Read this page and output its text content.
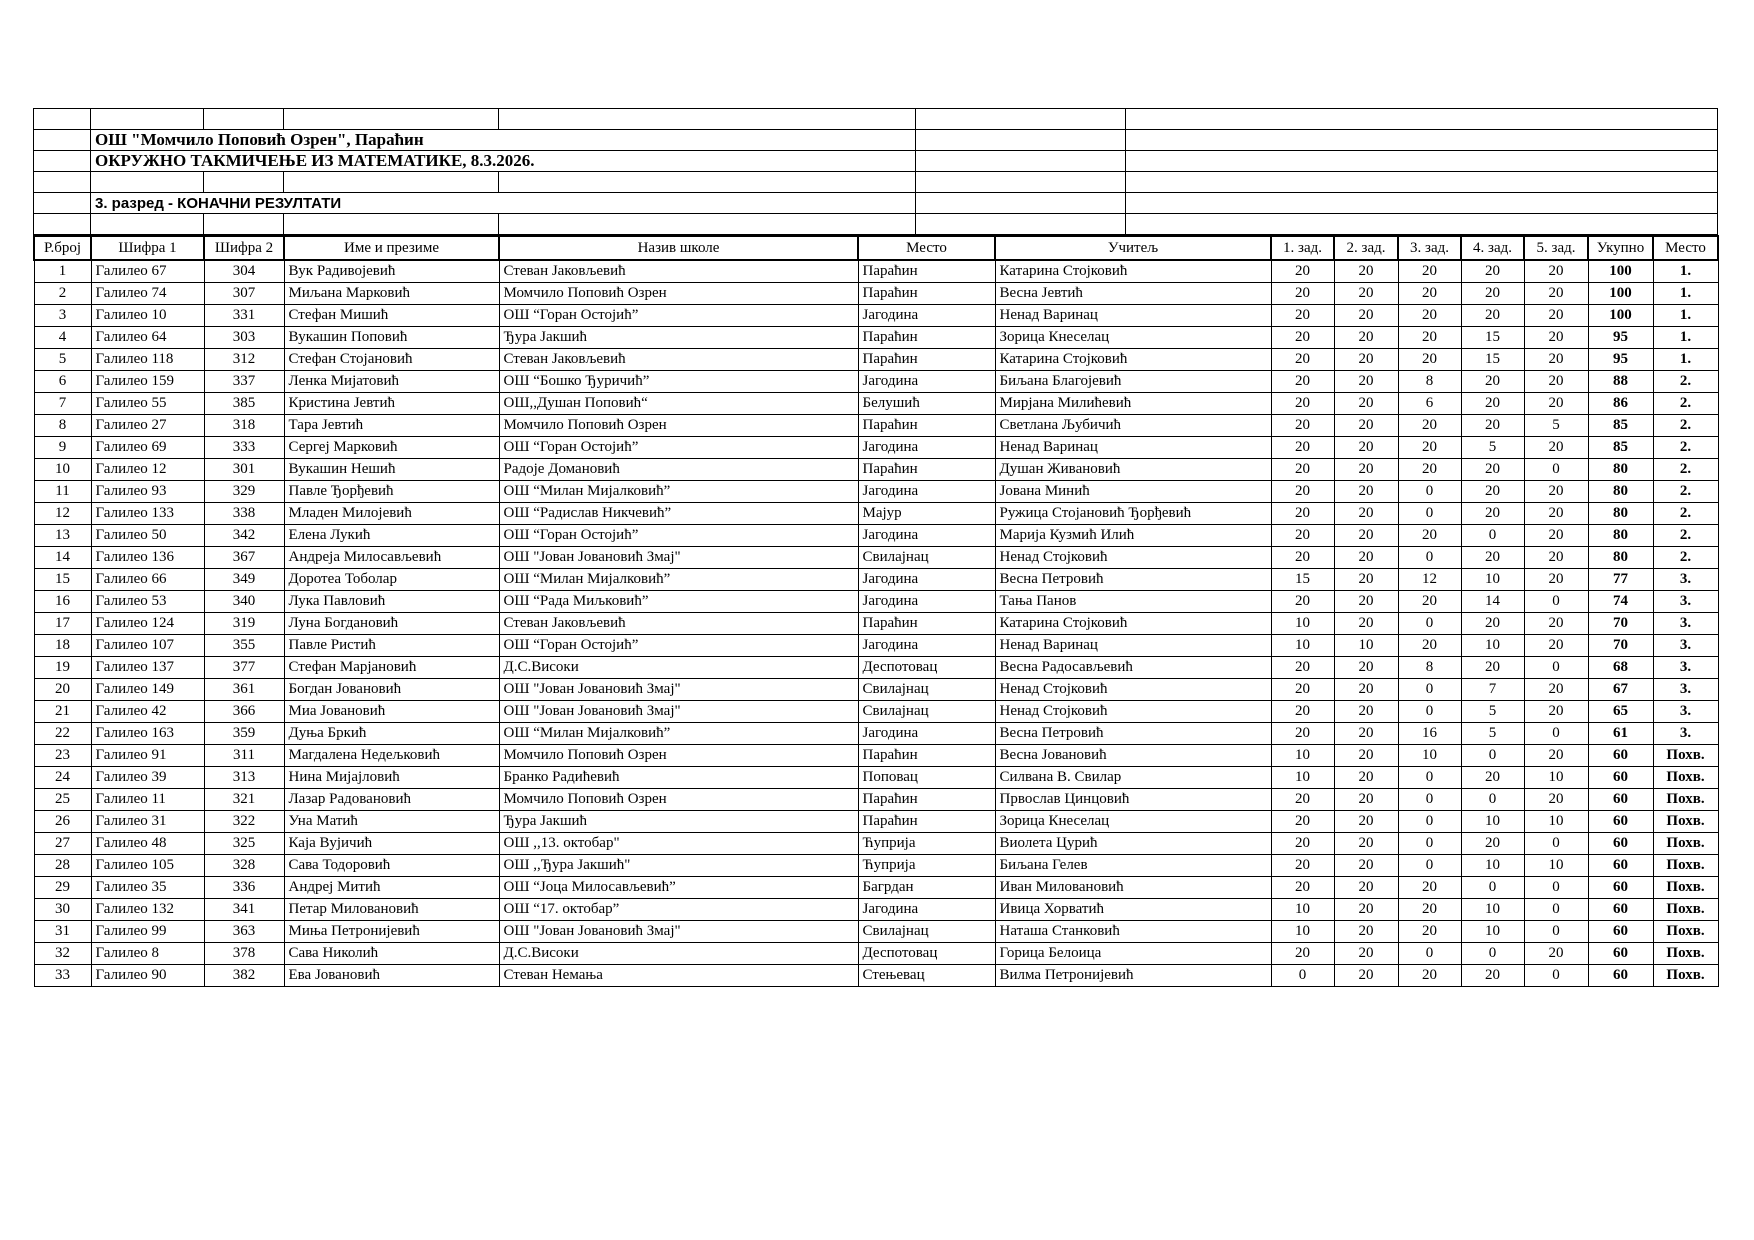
	ОШ "Момчило Поповић Озрен", Параћин					
	ОКРУЖНО ТАКМИЧЕЊЕ ИЗ МАТЕМАТИКЕ, 8.3.2026.					

	3. разред - КОНАЧНИ РЕЗУЛТАТИ					

Р.број	Шифра 1	Шифра 2	Име и презиме	Назив школе	Место	Учитељ	1. зад.	2. зад.	3. зад.	4. зад.	5. зад.	Укупно	Место
1	Галилео 67	304	Вук Радивојевић	Стеван Јаковљевић	Параћин	Катарина Стојковић	20	20	20	20	20	100	1.
2	Галилео 74	307	Миљана Марковић	Момчило Поповић Озрен	Параћин	Весна Јевтић	20	20	20	20	20	100	1.
3	Галилео 10	331	Стефан Мишић	ОШ “Горан Остојић”	Јагодина	Ненад Варинац	20	20	20	20	20	100	1.
4	Галилео 64	303	Вукашин Поповић	Ђура Јакшић	Параћин	Зорица Кнеселац	20	20	20	15	20	95	1.
5	Галилео 118	312	Стефан Стојановић	Стеван Јаковљевић	Параћин	Катарина Стојковић	20	20	20	15	20	95	1.
6	Галилео 159	337	Ленка Мијатовић	ОШ “Бошко Ђуричић”	Јагодина	Биљана Благојевић	20	20	8	20	20	88	2.
7	Галилео 55	385	Кристина Јевтић	ОШ,,Душан Поповић“	Белушић	Мирјана Милићевић	20	20	6	20	20	86	2.
8	Галилео 27	318	Тара Јевтић	Момчило Поповић Озрен	Параћин	Светлана Љубичић	20	20	20	20	5	85	2.
9	Галилео 69	333	Сергеј Марковић	ОШ “Горан Остојић”	Јагодина	Ненад Варинац	20	20	20	5	20	85	2.
10	Галилео 12	301	Вукашин Нешић	Радоје Домановић	Параћин	Душан Живановић	20	20	20	20	0	80	2.
11	Галилео 93	329	Павле Ђорђевић	ОШ “Милан Мијалковић”	Јагодина	Јована Минић	20	20	0	20	20	80	2.
12	Галилео 133	338	Младен Милојевић	ОШ “Радислав Никчевић”	Мајур	Ружица Стојановић Ђорђевић	20	20	0	20	20	80	2.
13	Галилео 50	342	Елена Лукић	ОШ “Горан Остојић”	Јагодина	Марија Кузмић Илић	20	20	20	0	20	80	2.
14	Галилео 136	367	Андреја Милосављевић	ОШ "Јован Јовановић Змај"	Свилајнац	Ненад Стојковић	20	20	0	20	20	80	2.
15	Галилео 66	349	Доротеа Тоболар	ОШ “Милан Мијалковић”	Јагодина	Весна Петровић	15	20	12	10	20	77	3.
16	Галилео 53	340	Лука Павловић	ОШ “Рада Миљковић”	Јагодина	Тања Панов	20	20	20	14	0	74	3.
17	Галилео 124	319	Луна Богдановић	Стеван Јаковљевић	Параћин	Катарина Стојковић	10	20	0	20	20	70	3.
18	Галилео 107	355	Павле Ристић	ОШ “Горан Остојић”	Јагодина	Ненад Варинац	10	10	20	10	20	70	3.
19	Галилео 137	377	Стефан Марјановић	Д.С.Високи	Деспотовац	Весна Радосављевић	20	20	8	20	0	68	3.
20	Галилео 149	361	Богдан Јовановић	ОШ "Јован Јовановић Змај"	Свилајнац	Ненад Стојковић	20	20	0	7	20	67	3.
21	Галилео 42	366	Миа Јовановић	ОШ "Јован Јовановић Змај"	Свилајнац	Ненад Стојковић	20	20	0	5	20	65	3.
22	Галилео 163	359	Дуња Бркић	ОШ “Милан Мијалковић”	Јагодина	Весна Петровић	20	20	16	5	0	61	3.
23	Галилео 91	311	Магдалена Недељковић	Момчило Поповић Озрен	Параћин	Весна Јовановић	10	20	10	0	20	60	Похв.
24	Галилео 39	313	Нина Мијајловић	Бранко Радићевић	Поповац	Силвана В. Свилар	10	20	0	20	10	60	Похв.
25	Галилео 11	321	Лазар Радовановић	Момчило Поповић Озрен	Параћин	Првослав Цинцовић	20	20	0	0	20	60	Похв.
26	Галилео 31	322	Уна Матић	Ђура Јакшић	Параћин	Зорица Кнеселац	20	20	0	10	10	60	Похв.
27	Галилео 48	325	Каја Вујичић	ОШ ,,13. октобар"	Ћуприја	Виолета Цурић	20	20	0	20	0	60	Похв.
28	Галилео 105	328	Сава Тодоровић	ОШ ,,Ђура Јакшић"	Ћуприја	Биљана Гелев	20	20	0	10	10	60	Похв.
29	Галилео 35	336	Андреј Митић	ОШ “Јоца Милосављевић”	Багрдан	Иван Миловановић	20	20	20	0	0	60	Похв.
30	Галилео 132	341	Петар Миловановић	ОШ “17. октобар”	Јагодина	Ивица Хорватић	10	20	20	10	0	60	Похв.
31	Галилео 99	363	Миња Петронијевић	ОШ "Јован Јовановић Змај"	Свилајнац	Наташа Станковић	10	20	20	10	0	60	Похв.
32	Галилео 8	378	Сава Николић	Д.С.Високи	Деспотовац	Горица Белоица	20	20	0	0	20	60	Похв.
33	Галилео 90	382	Ева Јовановић	Стеван Немања	Стењевац	Вилма Петронијевић	0	20	20	20	0	60	Похв.
